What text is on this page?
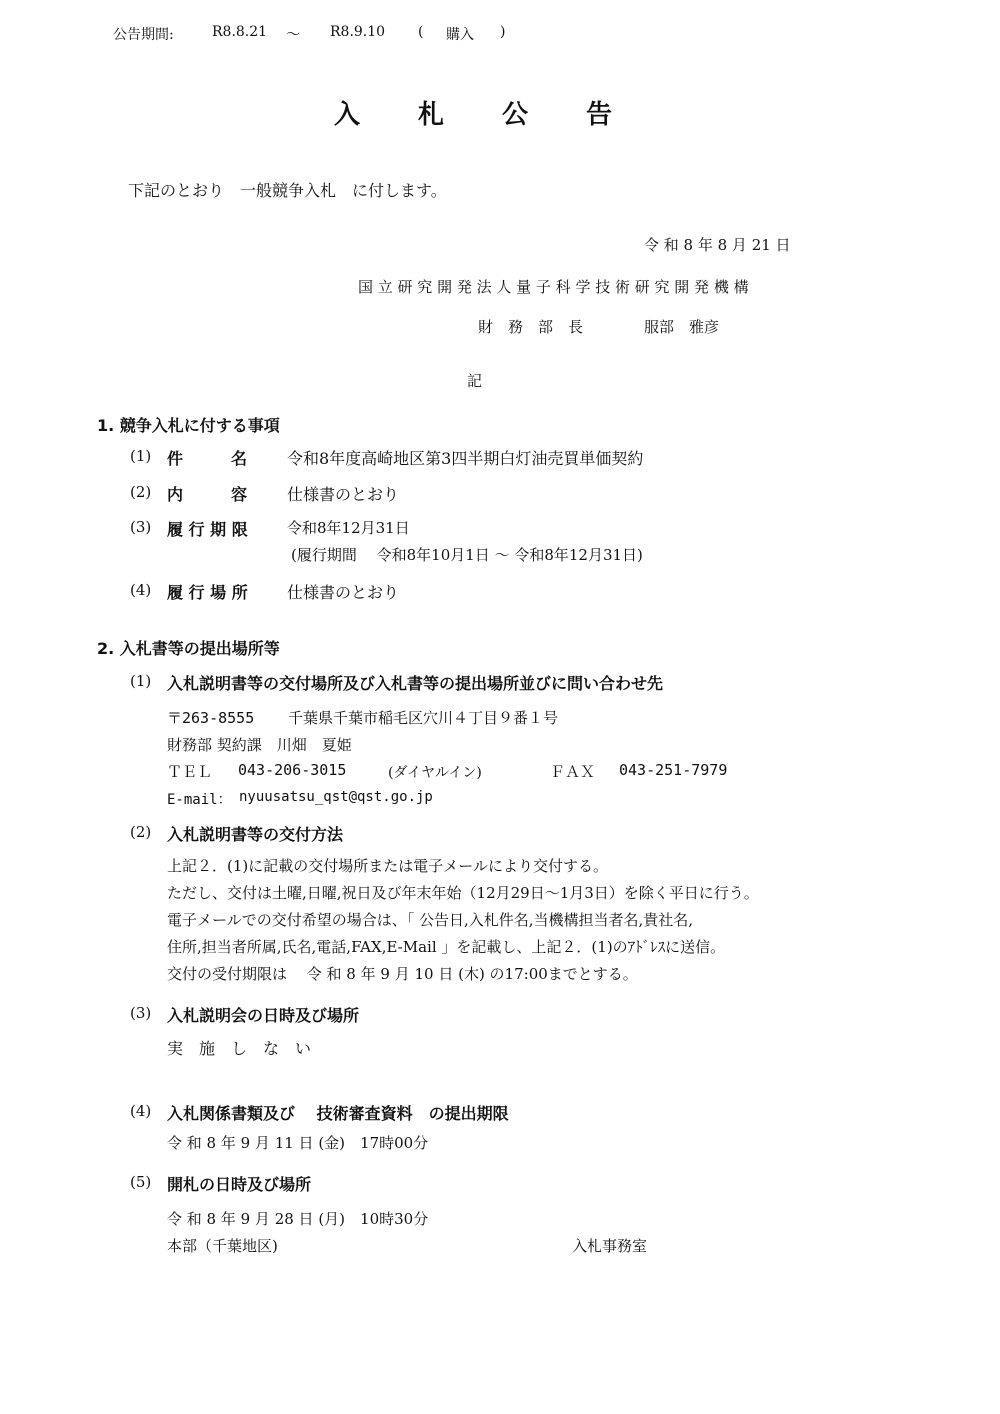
公告期間:	R8.8.21 ～ R8.9.10 ( 購入 )
入 札 公 告
下記のとおり　一般競争入札　に付します。
令 和 8 年 8 月 21 日
国 立 研 究 開 発 法 人 量 子 科 学 技 術 研 究 開 発 機 構
財　務　部　長	服部　雅彦
記
1. 競争入札に付する事項
(1) 件　　　名 令和8年度高崎地区第3四半期白灯油売買単価契約
(2) 内　　　容 仕様書のとおり
(3) 履 行 期 限	令和8年12月31日
(履行期間　 令和8年10月1日 ～ 令和8年12月31日)
(4) 履 行 場 所 仕様書のとおり
2. 入札書等の提出場所等
(1) 入札説明書等の交付場所及び入札書等の提出場所並びに問い合わせ先
〒263-8555 千葉県千葉市稲毛区穴川４丁目９番１号
財務部 契約課　川畑　夏姫
ＴＥＬ 043-206-3015	(ダイヤルイン)	ＦＡＸ 043-251-7979
E-mail： nyuusatsu_qst@qst.go.jp
(2) 入札説明書等の交付方法
上記２．(1)に記載の交付場所または電子メールにより交付する。
ただし、交付は土曜,日曜,祝日及び年末年始（12月29日～1月3日）を除く平日に行う。
電子メールでの交付希望の場合は、「 公告日,入札件名,当機構担当者名,貴社名,
住所,担当者所属,氏名,電話,FAX,E-Mail 」を記載し、上記２．(1)のｱﾄﾞﾚｽに送信。
交付の受付期限は　 令 和 8 年 9 月 10 日 (木) の17:00までとする。
(3) 入札説明会の日時及び場所
実　施　し　な　い
(4) 入札関係書類及び　 技術審査資料　の提出期限
令 和 8 年 9 月 11 日 (金)　17時00分
(5) 開札の日時及び場所
令 和 8 年 9 月 28 日 (月)　10時30分
本部（千葉地区)	入札事務室
